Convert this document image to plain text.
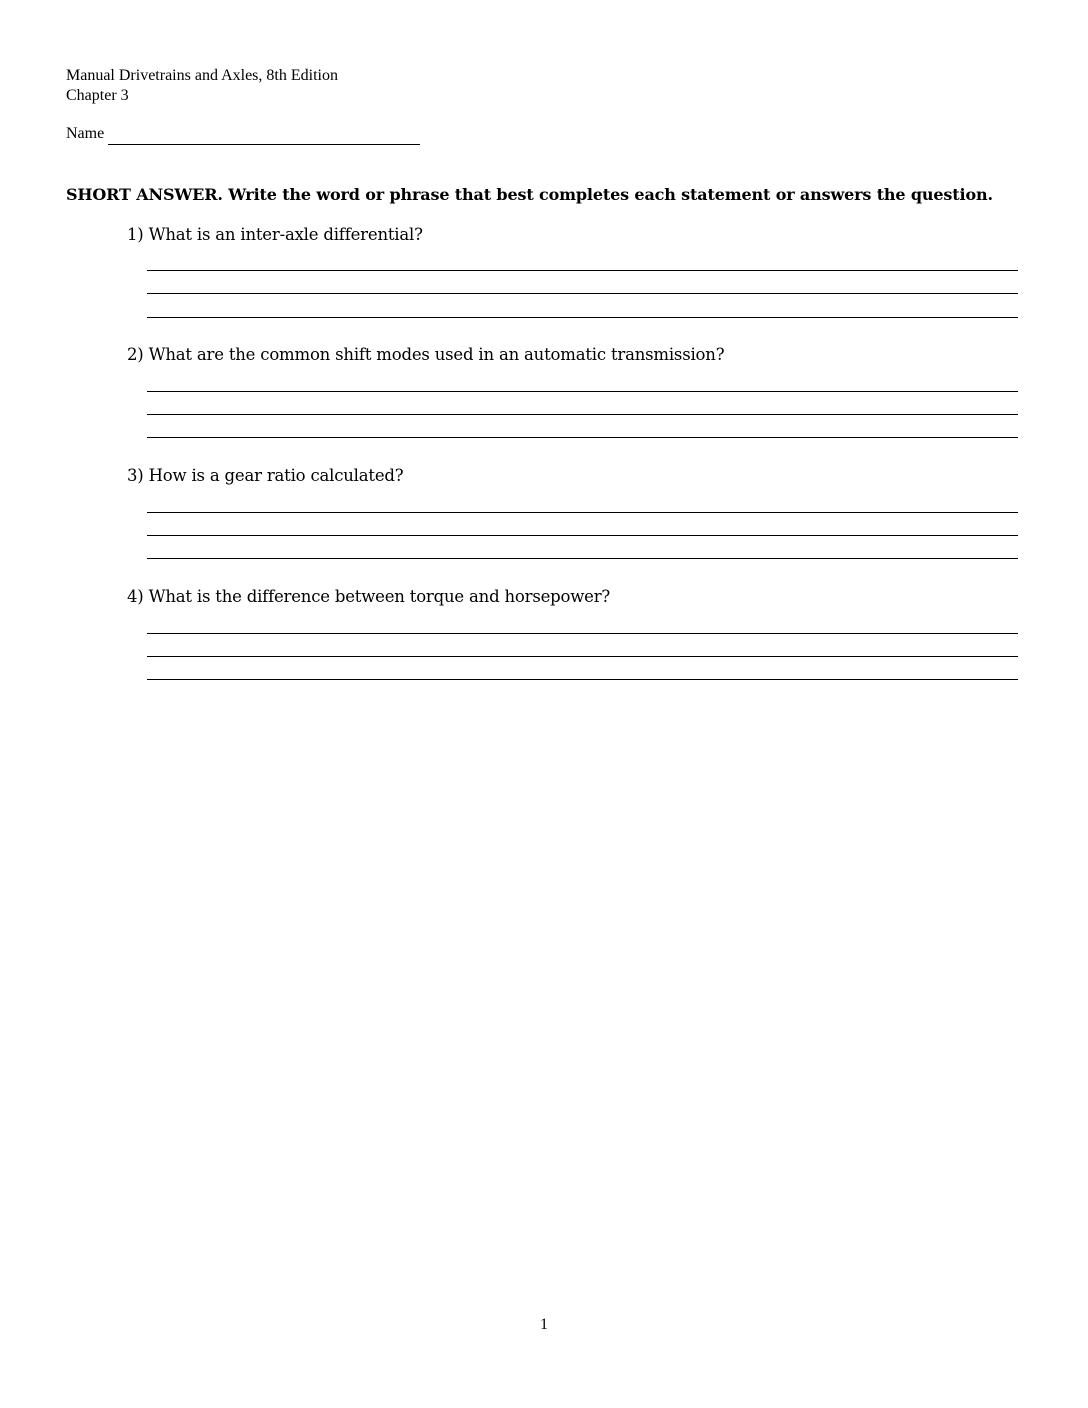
Manual Drivetrains and Axles, 8th Edition
Chapter 3
Name
SHORT ANSWER. Write the word or phrase that best completes each statement or answers the question.
1) What is an inter-axle differential?
2) What are the common shift modes used in an automatic transmission?
3) How is a gear ratio calculated?
4) What is the difference between torque and horsepower?
1
